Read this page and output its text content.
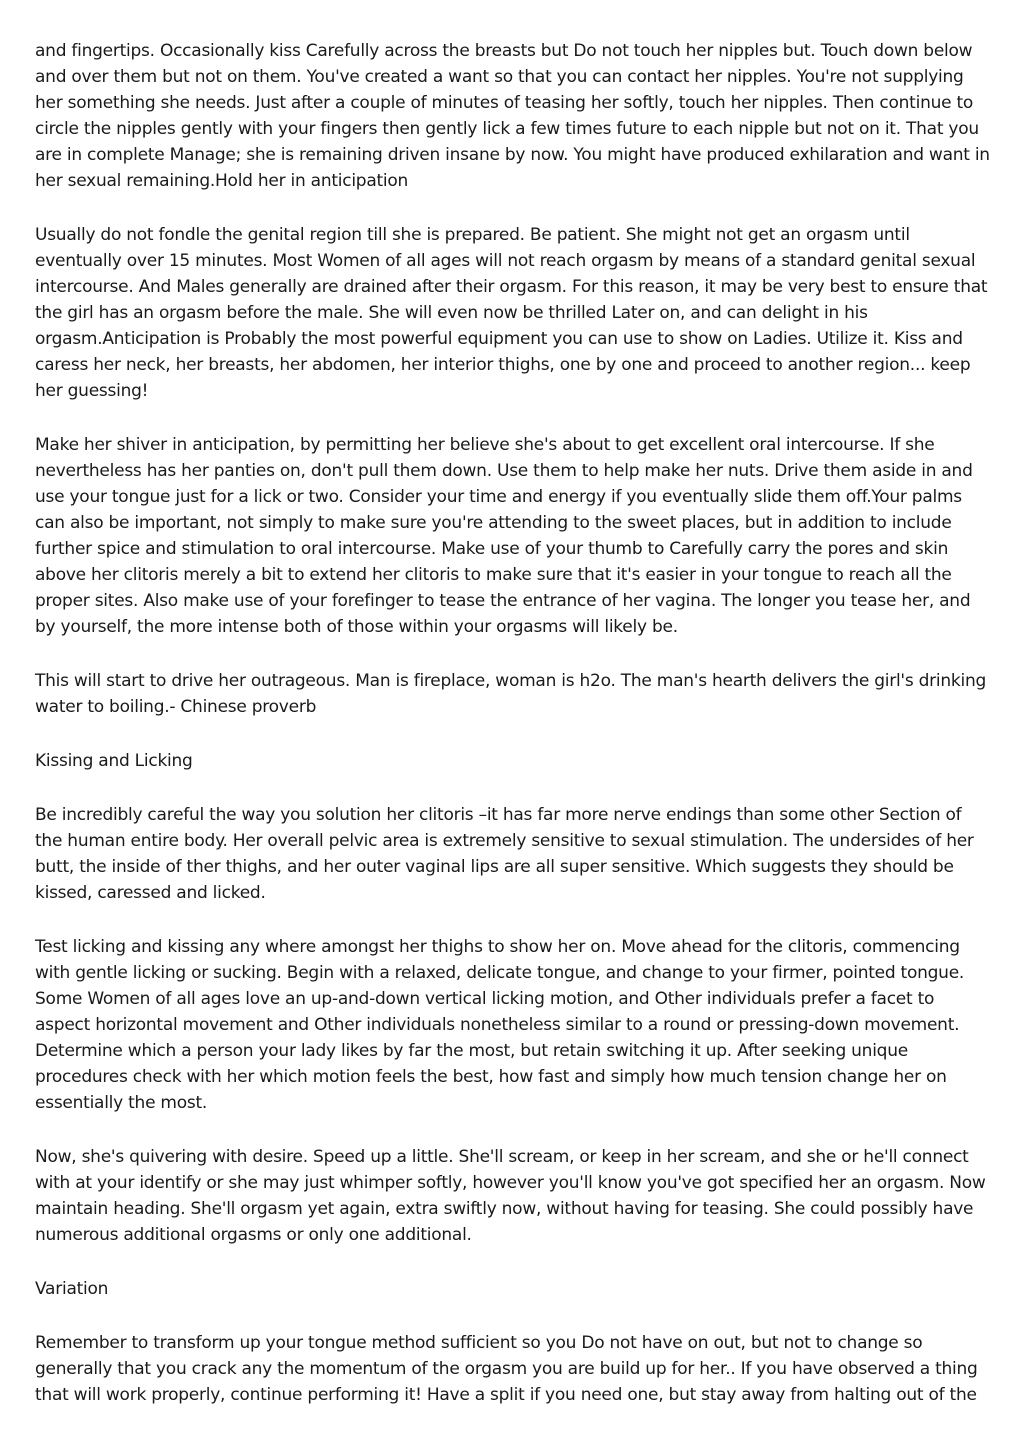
and fingertips. Occasionally kiss Carefully across the breasts but Do not touch her nipples but. Touch down below and over them but not on them. You've created a want so that you can contact her nipples. You're not supplying her something she needs. Just after a couple of minutes of teasing her softly, touch her nipples. Then continue to circle the nipples gently with your fingers then gently lick a few times future to each nipple but not on it. That you are in complete Manage; she is remaining driven insane by now. You might have produced exhilaration and want in her sexual remaining.Hold her in anticipation

Usually do not fondle the genital region till she is prepared. Be patient. She might not get an orgasm until eventually over 15 minutes. Most Women of all ages will not reach orgasm by means of a standard genital sexual intercourse. And Males generally are drained after their orgasm. For this reason, it may be very best to ensure that the girl has an orgasm before the male. She will even now be thrilled Later on, and can delight in his orgasm.Anticipation is Probably the most powerful equipment you can use to show on Ladies. Utilize it. Kiss and caress her neck, her breasts, her abdomen, her interior thighs, one by one and proceed to another region... keep her guessing!

Make her shiver in anticipation, by permitting her believe she's about to get excellent oral intercourse. If she nevertheless has her panties on, don't pull them down. Use them to help make her nuts. Drive them aside in and use your tongue just for a lick or two. Consider your time and energy if you eventually slide them off.Your palms can also be important, not simply to make sure you're attending to the sweet places, but in addition to include further spice and stimulation to oral intercourse. Make use of your thumb to Carefully carry the pores and skin above her clitoris merely a bit to extend her clitoris to make sure that it's easier in your tongue to reach all the proper sites. Also make use of your forefinger to tease the entrance of her vagina. The longer you tease her, and by yourself, the more intense both of those within your orgasms will likely be.

This will start to drive her outrageous. Man is fireplace, woman is h2o. The man's hearth delivers the girl's drinking water to boiling.- Chinese proverb

Kissing and Licking

Be incredibly careful the way you solution her clitoris –it has far more nerve endings than some other Section of the human entire body. Her overall pelvic area is extremely sensitive to sexual stimulation. The undersides of her butt, the inside of ther thighs, and her outer vaginal lips are all super sensitive. Which suggests they should be kissed, caressed and licked.

Test licking and kissing any where amongst her thighs to show her on. Move ahead for the clitoris, commencing with gentle licking or sucking. Begin with a relaxed, delicate tongue, and change to your firmer, pointed tongue. Some Women of all ages love an up-and-down vertical licking motion, and Other individuals prefer a facet to aspect horizontal movement and Other individuals nonetheless similar to a round or pressing-down movement. Determine which a person your lady likes by far the most, but retain switching it up. After seeking unique procedures check with her which motion feels the best, how fast and simply how much tension change her on essentially the most.

Now, she's quivering with desire. Speed up a little. She'll scream, or keep in her scream, and she or he'll connect with at your identify or she may just whimper softly, however you'll know you've got specified her an orgasm. Now maintain heading. She'll orgasm yet again, extra swiftly now, without having for teasing. She could possibly have numerous additional orgasms or only one additional.

Variation

Remember to transform up your tongue method sufficient so you Do not have on out, but not to change so generally that you crack any the momentum of the orgasm you are build up for her.. If you have observed a thing that will work properly, continue performing it! Have a split if you need one, but stay away from halting out of the
